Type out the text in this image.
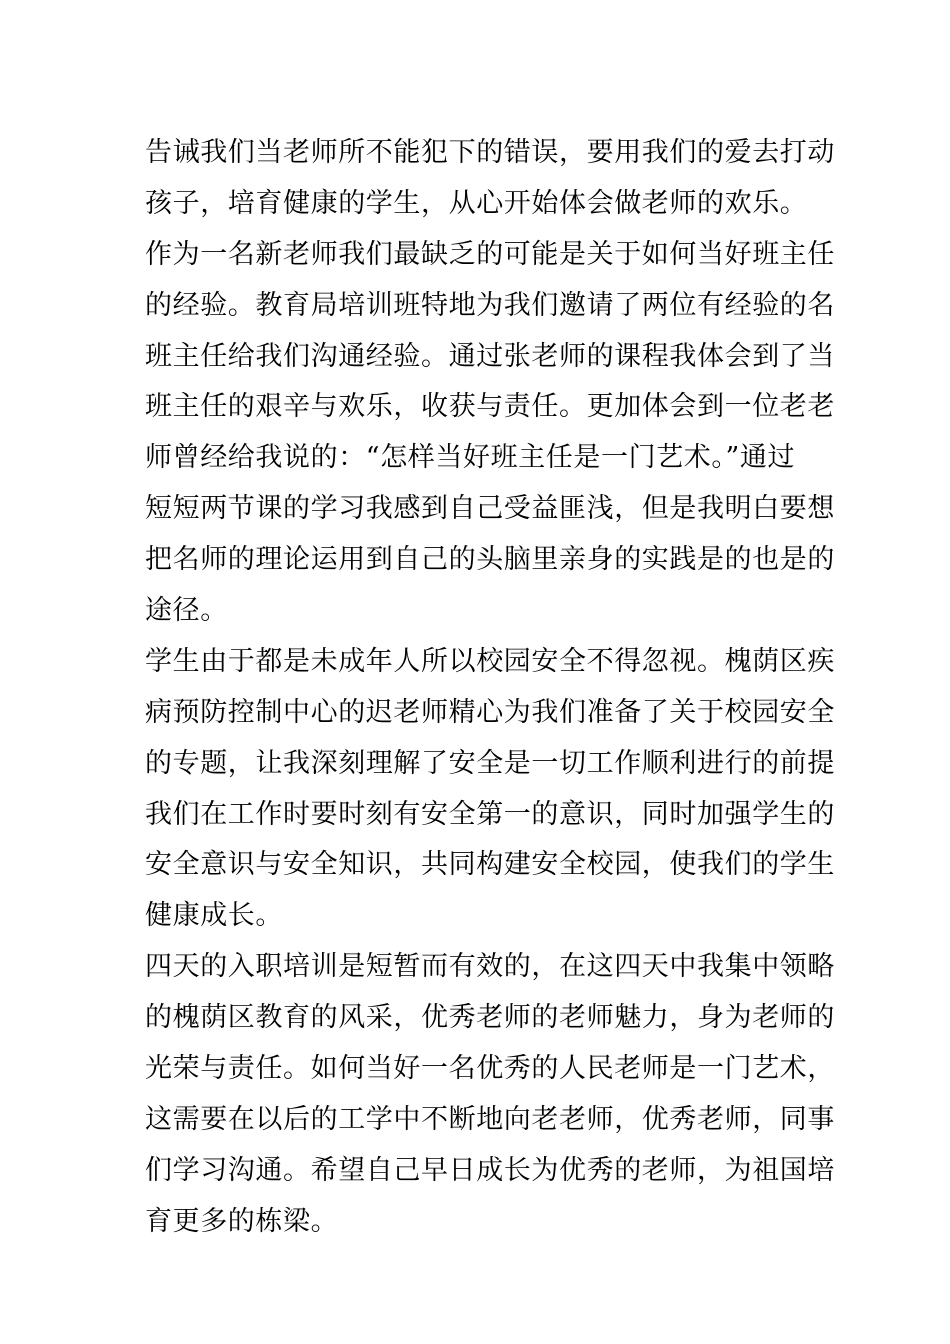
告诫我们当老师所不能犯下的错误，要用我们的爱去打动
孩子，培育健康的学生，从心开始体会做老师的欢乐。
作为一名新老师我们最缺乏的可能是关于如何当好班主任
的经验。教育局培训班特地为我们邀请了两位有经验的名
班主任给我们沟通经验。通过张老师的课程我体会到了当
班主任的艰辛与欢乐，收获与责任。更加体会到一位老老
师曾经给我说的：“怎样当好班主任是一门艺术。”通过
短短两节课的学习我感到自己受益匪浅，但是我明白要想
把名师的理论运用到自己的头脑里亲身的实践是的也是的
途径。
学生由于都是未成年人所以校园安全不得忽视。槐荫区疾
病预防控制中心的迟老师精心为我们准备了关于校园安全
的专题，让我深刻理解了安全是一切工作顺利进行的前提
我们在工作时要时刻有安全第一的意识，同时加强学生的
安全意识与安全知识，共同构建安全校园，使我们的学生
健康成长。
四天的入职培训是短暂而有效的，在这四天中我集中领略
的槐荫区教育的风采，优秀老师的老师魅力，身为老师的
光荣与责任。如何当好一名优秀的人民老师是一门艺术，
这需要在以后的工学中不断地向老老师，优秀老师，同事
们学习沟通。希望自己早日成长为优秀的老师，为祖国培
育更多的栋梁。
